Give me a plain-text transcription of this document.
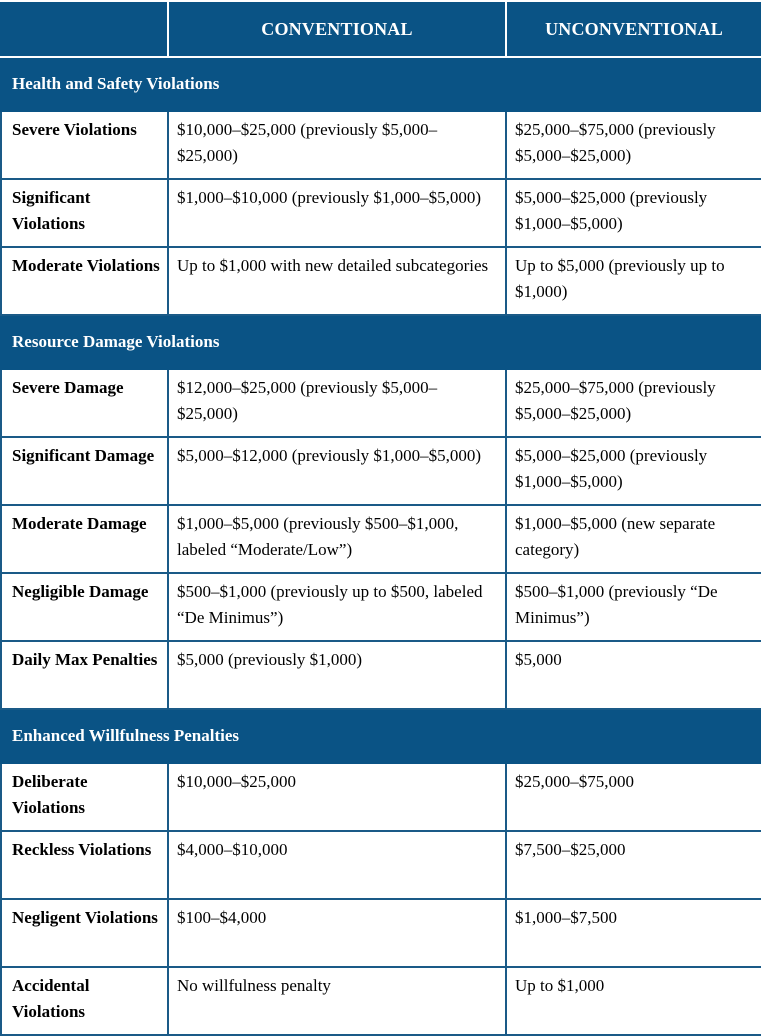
	CONVENTIONAL	UNCONVENTIONAL
Health and Safety Violations		
Severe Violations	$10,000–$25,000 (previously $5,000–$25,000)	$25,000–$75,000 (previously $5,000–$25,000)
Significant Violations	$1,000–$10,000 (previously $1,000–$5,000)	$5,000–$25,000 (previously $1,000–$5,000)
Moderate Violations	Up to $1,000 with new detailed subcategories	Up to $5,000 (previously up to $1,000)
Resource Damage Violations		
Severe Damage	$12,000–$25,000 (previously $5,000–$25,000)	$25,000–$75,000 (previously $5,000–$25,000)
Significant Damage	$5,000–$12,000 (previously $1,000–$5,000)	$5,000–$25,000 (previously $1,000–$5,000)
Moderate Damage	$1,000–$5,000 (previously $500–$1,000, labeled “Moderate/Low”)	$1,000–$5,000 (new separate category)
Negligible Damage	$500–$1,000 (previously up to $500, labeled “De Minimus”)	$500–$1,000 (previously “De Minimus”)
Daily Max Penalties	$5,000 (previously $1,000)	$5,000
Enhanced Willfulness Penalties		
Deliberate Violations	$10,000–$25,000	$25,000–$75,000
Reckless Violations	$4,000–$10,000	$7,500–$25,000
Negligent Violations	$100–$4,000	$1,000–$7,500
Accidental Violations	No willfulness penalty	Up to $1,000
